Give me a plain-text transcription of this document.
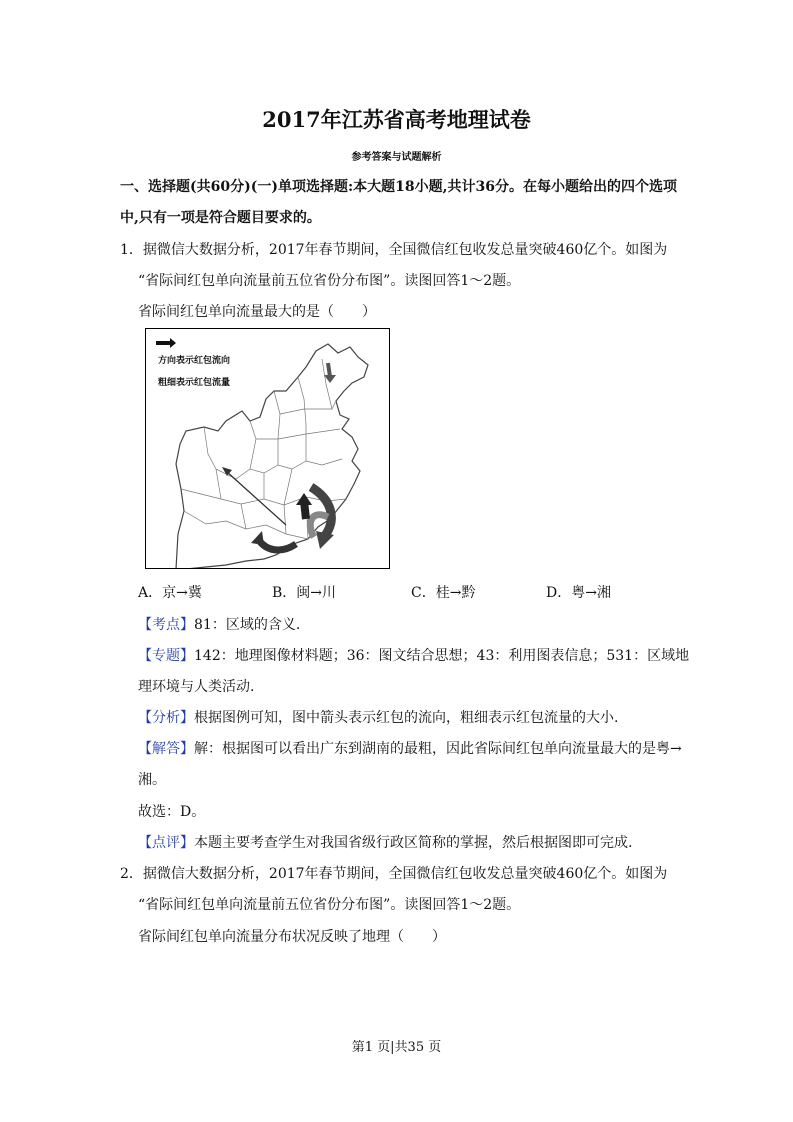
2017年江苏省高考地理试卷
参考答案与试题解析
一、选择题(共60分)(一)单项选择题:本大题18小题,共计36分。在每小题给出的四个选项
中,只有一项是符合题目要求的。
1．据微信大数据分析，2017年春节期间，全国微信红包收发总量突破460亿个。如图为
“省际间红包单向流量前五位省份分布图”。读图回答1～2题。
省际间红包单向流量最大的是（　　）
方向表示红包流向
粗细表示红包流量
A．京→冀	B．闽→川	C．桂→黔	D．粤→湘
【考点】81：区域的含义.
【专题】142：地理图像材料题；36：图文结合思想；43：利用图表信息；531：区域地
理环境与人类活动.
【分析】根据图例可知，图中箭头表示红包的流向，粗细表示红包流量的大小.
【解答】解：根据图可以看出广东到湖南的最粗，因此省际间红包单向流量最大的是粤→
湘。
故选：D。
【点评】本题主要考查学生对我国省级行政区简称的掌握，然后根据图即可完成.
2．据微信大数据分析，2017年春节期间，全国微信红包收发总量突破460亿个。如图为
“省际间红包单向流量前五位省份分布图”。读图回答1～2题。
省际间红包单向流量分布状况反映了地理（　　）
第1 页|共35 页
